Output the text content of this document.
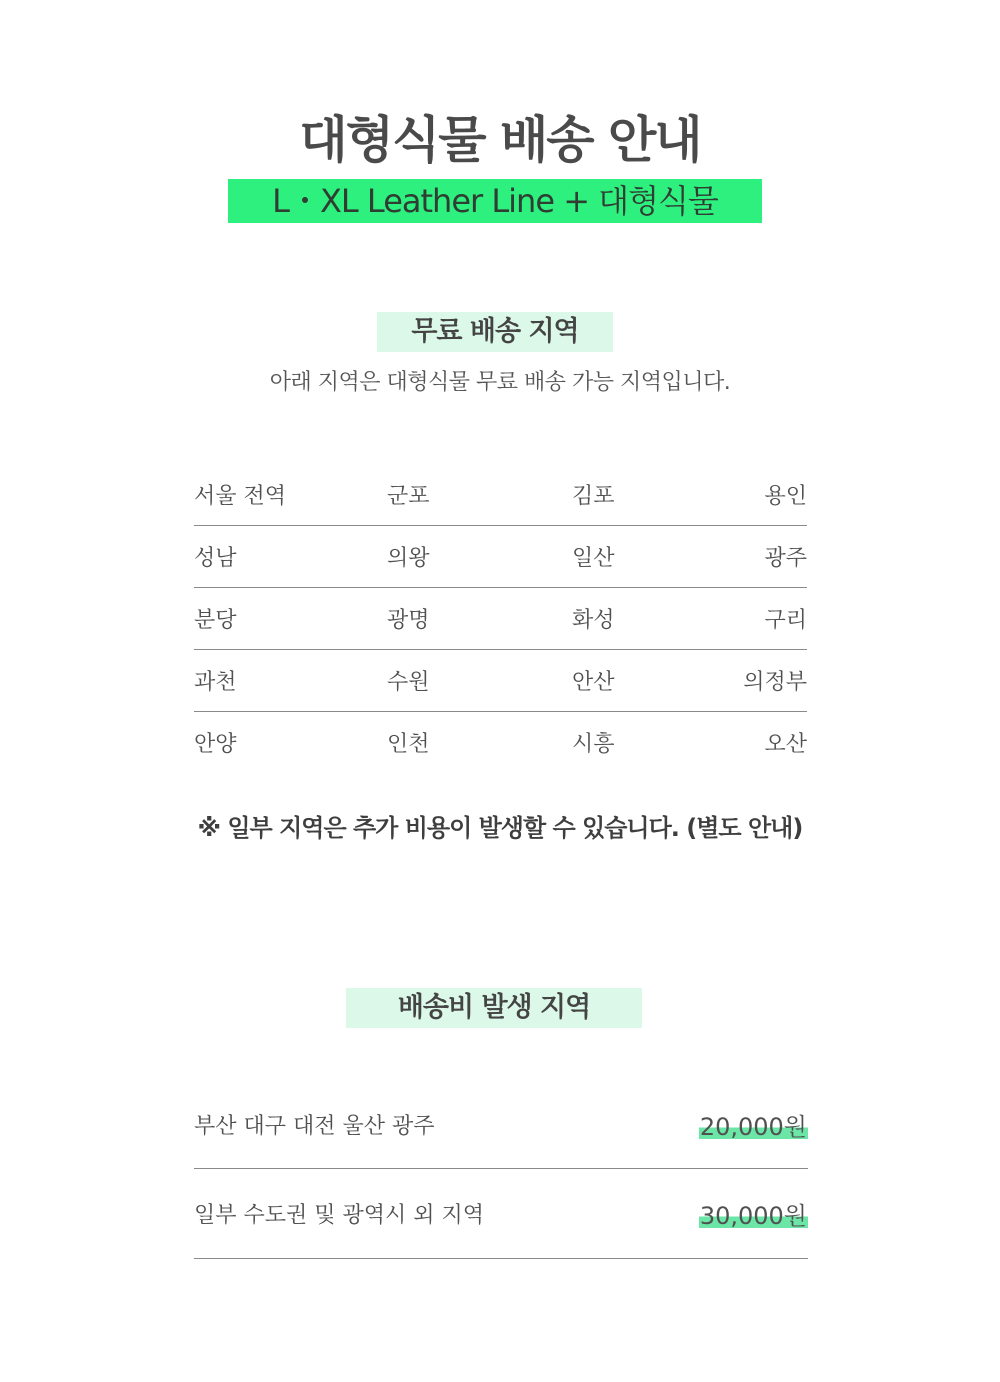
대형식물 배송 안내
L・XL Leather Line + 대형식물
무료 배송 지역
아래 지역은 대형식물 무료 배송 가능 지역입니다.
서울 전역	군포	김포	용인
성남	의왕	일산	광주
분당	광명	화성	구리
과천	수원	안산	의정부
안양	인천	시흥	오산
※ 일부 지역은 추가 비용이 발생할 수 있습니다. (별도 안내)
배송비 발생 지역
부산 대구 대전 울산 광주	20,000원
일부 수도권 및 광역시 외 지역	30,000원
